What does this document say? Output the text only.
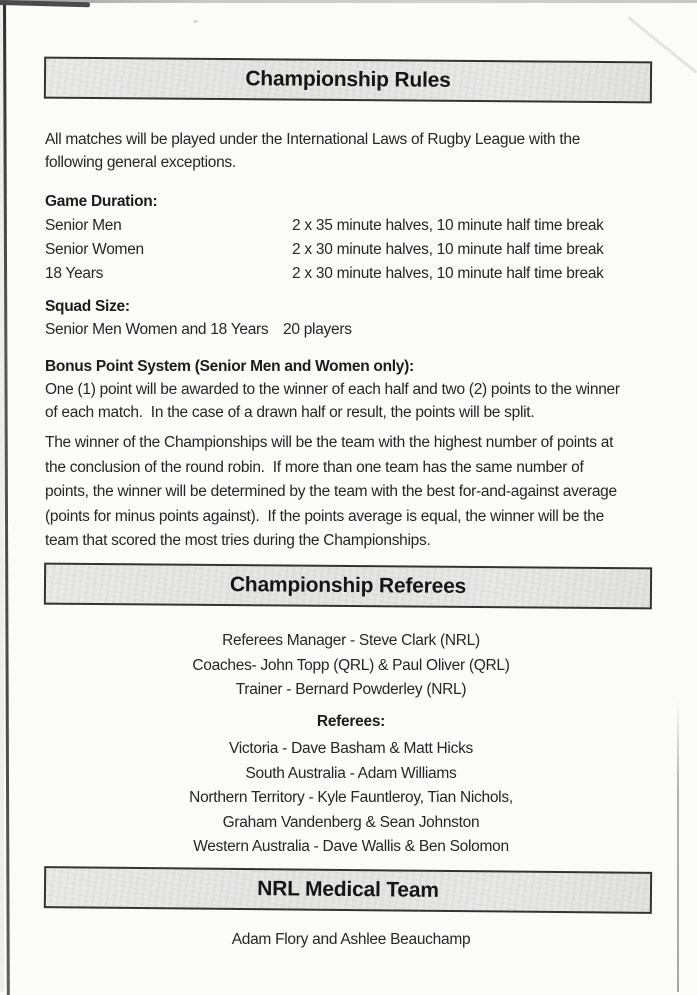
Championship Rules
All matches will be played under the International Laws of Rugby League with the
following general exceptions.
Game Duration:
Senior Men	2 x 35 minute halves, 10 minute half time break
Senior Women	2 x 30 minute halves, 10 minute half time break
18 Years	2 x 30 minute halves, 10 minute half time break
Squad Size:
Senior Men Women and 18 Years 20 players
Bonus Point System (Senior Men and Women only):
One (1) point will be awarded to the winner of each half and two (2) points to the winner
of each match.  In the case of a drawn half or result, the points will be split.
The winner of the Championships will be the team with the highest number of points at
the conclusion of the round robin.  If more than one team has the same number of
points, the winner will be determined by the team with the best for-and-against average
(points for minus points against).  If the points average is equal, the winner will be the
team that scored the most tries during the Championships.
Championship Referees
Referees Manager - Steve Clark (NRL)
Coaches- John Topp (QRL) & Paul Oliver (QRL)
Trainer - Bernard Powderley (NRL)
Referees:
Victoria - Dave Basham & Matt Hicks
South Australia - Adam Williams
Northern Territory - Kyle Fauntleroy, Tian Nichols,
Graham Vandenberg & Sean Johnston
Western Australia - Dave Wallis & Ben Solomon
NRL Medical Team
Adam Flory and Ashlee Beauchamp
